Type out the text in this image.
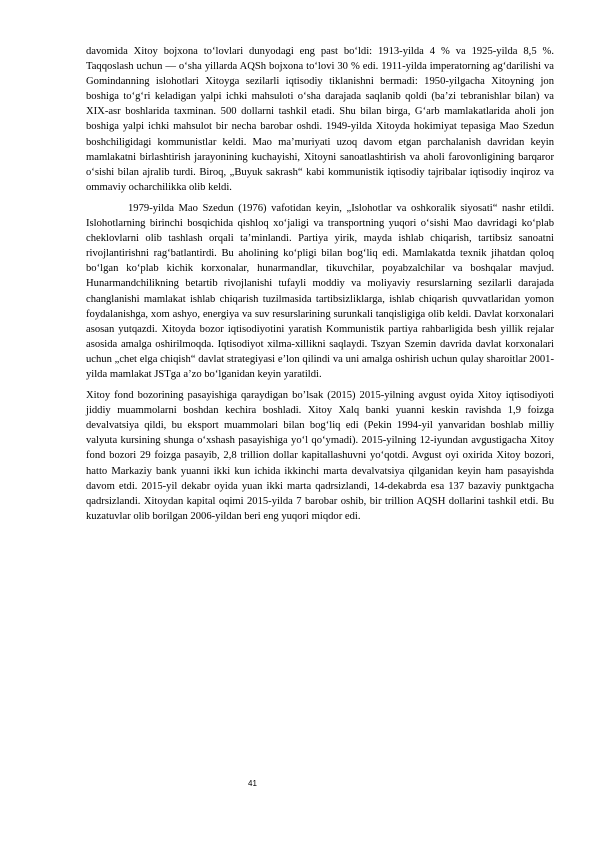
davomida Xitoy bojxona to‘lovlari dunyodagi eng past bo‘ldi: 1913-yilda 4 % va 1925-yilda 8,5 %. Taqqoslash uchun — o‘sha yillarda AQSh bojxona to‘lovi 30 % edi. 1911-yilda imperatorning ag‘darilishi va Gomindanning islohotlari Xitoyga sezilarli iqtisodiy tiklanishni bermadi: 1950-yilgacha Xitoyning jon boshiga to‘g‘ri keladigan yalpi ichki mahsuloti o‘sha darajada saqlanib qoldi (ba’zi tebranishlar bilan) va XIX-asr boshlarida taxminan. 500 dollarni tashkil etadi. Shu bilan birga, G‘arb mamlakatlarida aholi jon boshiga yalpi ichki mahsulot bir necha barobar oshdi. 1949-yilda Xitoyda hokimiyat tepasiga Mao Szedun boshchiligidagi kommunistlar keldi. Mao ma’muriyati uzoq davom etgan parchalanish davridan keyin mamlakatni birlashtirish jarayonining kuchayishi, Xitoyni sanoatlashtirish va aholi farovonligining barqaror o‘sishi bilan ajralib turdi. Biroq, „Buyuk sakrash“ kabi kommunistik iqtisodiy tajribalar iqtisodiy inqiroz va ommaviy ocharchilikka olib keldi.

1979-yilda Mao Szedun (1976) vafotidan keyin, „Islohotlar va oshkoralik siyosati“ nashr etildi. Islohotlarning birinchi bosqichida qishloq xo‘jaligi va transportning yuqori o‘sishi Mao davridagi ko‘plab cheklovlarni olib tashlash orqali ta’minlandi. Partiya yirik, mayda ishlab chiqarish, tartibsiz sanoatni rivojlantirishni rag‘batlantirdi. Bu aholining ko‘pligi bilan bog‘liq edi. Mamlakatda texnik jihatdan qoloq bo‘lgan ko‘plab kichik korxonalar, hunarmandlar, tikuvchilar, poyabzalchilar va boshqalar mavjud. Hunarmandchilikning betartib rivojlanishi tufayli moddiy va moliyaviy resurslarning sezilarli darajada changlanishi mamlakat ishlab chiqarish tuzilmasida tartibsizliklarga, ishlab chiqarish quvvatlaridan yomon foydalanishga, xom ashyo, energiya va suv resurslarining surunkali tanqisligiga olib keldi. Davlat korxonalari asosan yutqazdi. Xitoyda bozor iqtisodiyotini yaratish Kommunistik partiya rahbarligida besh yillik rejalar asosida amalga oshirilmoqda. Iqtisodiyot xilma-xillikni saqlaydi. Tszyan Szemin davrida davlat korxonalari uchun „chet elga chiqish“ davlat strategiyasi e’lon qilindi va uni amalga oshirish uchun qulay sharoitlar 2001-yilda mamlakat JSTga a’zo bo‘lganidan keyin yaratildi.

Xitoy fond bozorining pasayishiga qaraydigan bo’lsak (2015) 2015-yilning avgust oyida Xitoy iqtisodiyoti jiddiy muammolarni boshdan kechira boshladi. Xitoy Xalq banki yuanni keskin ravishda 1,9 foizga devalvatsiya qildi, bu eksport muammolari bilan bog‘liq edi (Pekin 1994-yil yanvaridan boshlab milliy valyuta kursining shunga o‘xshash pasayishiga yo‘l qo‘ymadi). 2015-yilning 12-iyundan avgustigacha Xitoy fond bozori 29 foizga pasayib, 2,8 trillion dollar kapitallashuvni yo‘qotdi. Avgust oyi oxirida Xitoy bozori, hatto Markaziy bank yuanni ikki kun ichida ikkinchi marta devalvatsiya qilganidan keyin ham pasayishda davom etdi. 2015-yil dekabr oyida yuan ikki marta qadrsizlandi, 14-dekabrda esa 137 bazaviy punktgacha qadrsizlandi. Xitoydan kapital oqimi 2015-yilda 7 barobar oshib, bir trillion AQSH dollarini tashkil etdi. Bu kuzatuvlar olib borilgan 2006-yildan beri eng yuqori miqdor edi.

41
